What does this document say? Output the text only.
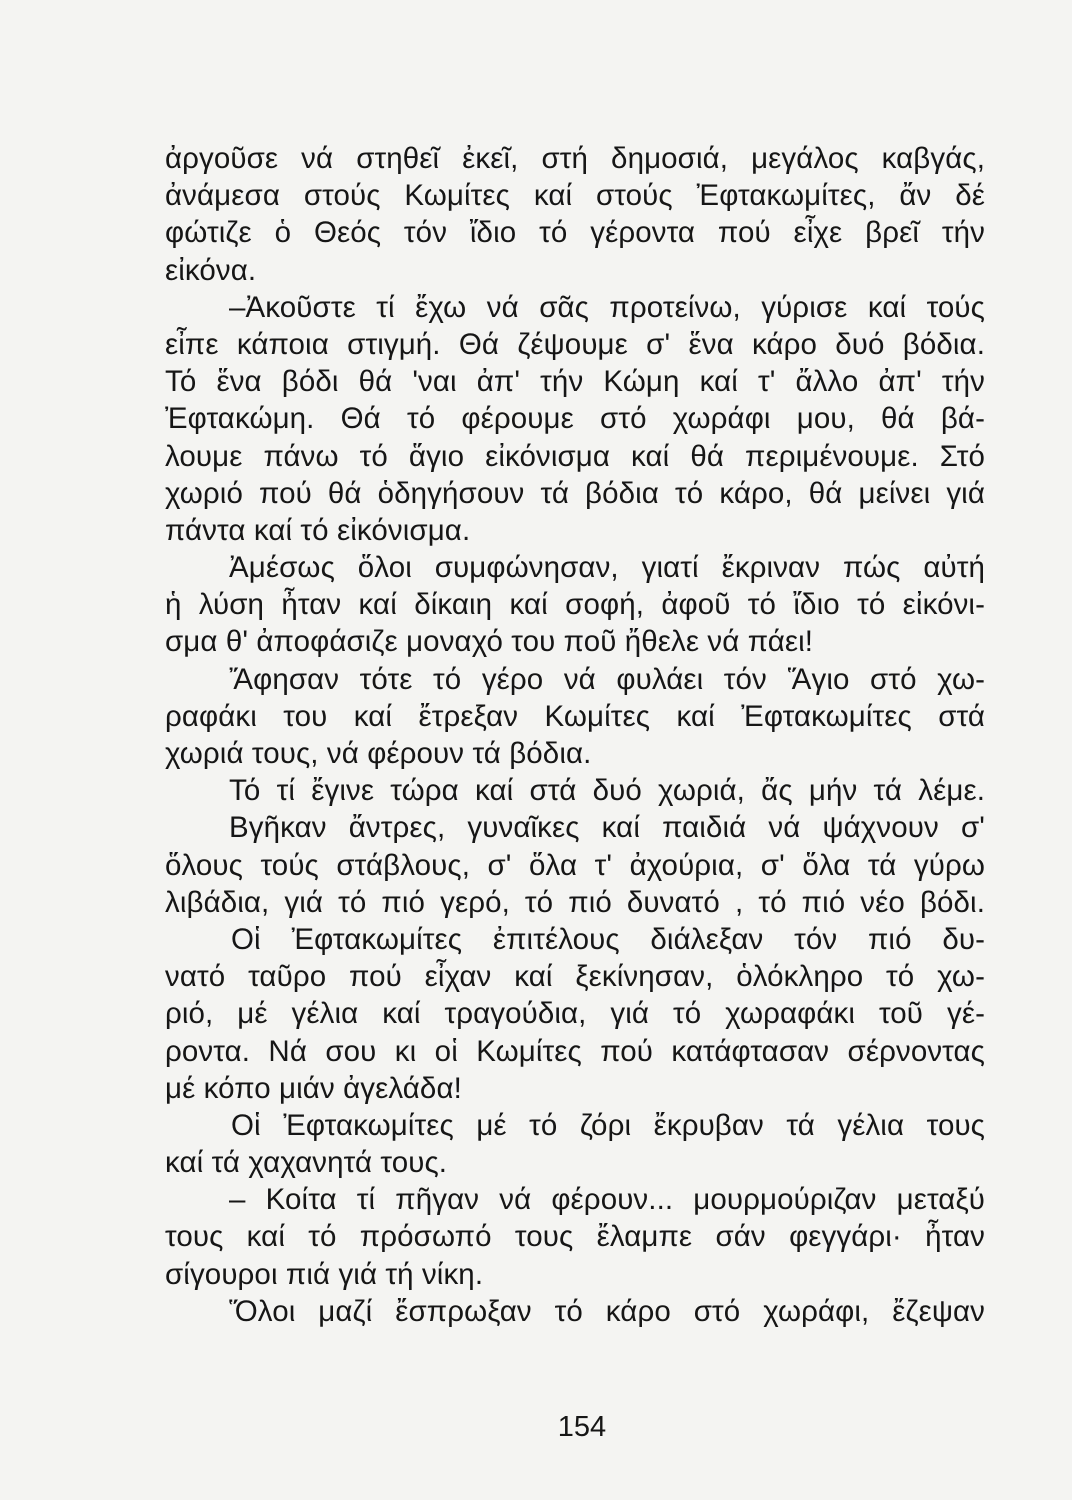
ἀργοῦσε νά στηθεῖ ἐκεῖ, στή δημοσιά, μεγάλος καβγάς,
ἀνάμεσα στούς Κωμίτες καί στούς Ἐφτακωμίτες, ἄν δέ
φώτιζε ὁ Θεός τόν ἴδιο τό γέροντα πού εἶχε βρεῖ τήν
εἰκόνα.
–Ἀκοῦστε τί ἔχω νά σᾶς προτείνω, γύρισε καί τούς
εἶπε κάποια στιγμή. Θά ζέψουμε σ' ἕνα κάρο δυό βόδια.
Τό ἕνα βόδι θά 'ναι ἀπ' τήν Κώμη καί τ' ἄλλο ἀπ' τήν
Ἐφτακώμη. Θά τό φέρουμε στό χωράφι μου, θά βά-
λουμε πάνω τό ἅγιο εἰκόνισμα καί θά περιμένουμε. Στό
χωριό πού θά ὁδηγήσουν τά βόδια τό κάρο, θά μείνει γιά
πάντα καί τό εἰκόνισμα.
Ἀμέσως ὅλοι συμφώνησαν, γιατί ἔκριναν πώς αὐτή
ἡ λύση ἦταν καί δίκαιη καί σοφή, ἀφοῦ τό ἴδιο τό εἰκόνι-
σμα θ' ἀποφάσιζε μοναχό του ποῦ ἤθελε νά πάει!
Ἄφησαν τότε τό γέρο νά φυλάει τόν Ἅγιο στό χω-
ραφάκι του καί ἔτρεξαν Κωμίτες καί Ἐφτακωμίτες στά
χωριά τους, νά φέρουν τά βόδια.
Τό τί ἔγινε τώρα καί στά δυό χωριά, ἄς μήν τά λέμε.
Βγῆκαν ἄντρες, γυναῖκες καί παιδιά νά ψάχνουν σ'
ὅλους τούς στάβλους, σ' ὅλα τ' ἀχούρια, σ' ὅλα τά γύρω
λιβάδια, γιά τό πιό γερό, τό πιό δυνατό , τό πιό νέο βόδι.
Οἱ Ἐφτακωμίτες ἐπιτέλους διάλεξαν τόν πιό δυ-
νατό ταῦρο πού εἶχαν καί ξεκίνησαν, ὁλόκληρο τό χω-
ριό, μέ γέλια καί τραγούδια, γιά τό χωραφάκι τοῦ γέ-
ροντα. Νά σου κι οἱ Κωμίτες πού κατάφτασαν σέρνοντας
μέ κόπο μιάν ἀγελάδα!
Οἱ Ἐφτακωμίτες μέ τό ζόρι ἔκρυβαν τά γέλια τους
καί τά χαχανητά τους.
– Κοίτα τί πῆγαν νά φέρουν... μουρμούριζαν μεταξύ
τους καί τό πρόσωπό τους ἔλαμπε σάν φεγγάρι· ἦταν
σίγουροι πιά γιά τή νίκη.
Ὅλοι μαζί ἔσπρωξαν τό κάρο στό χωράφι, ἔζεψαν
154
